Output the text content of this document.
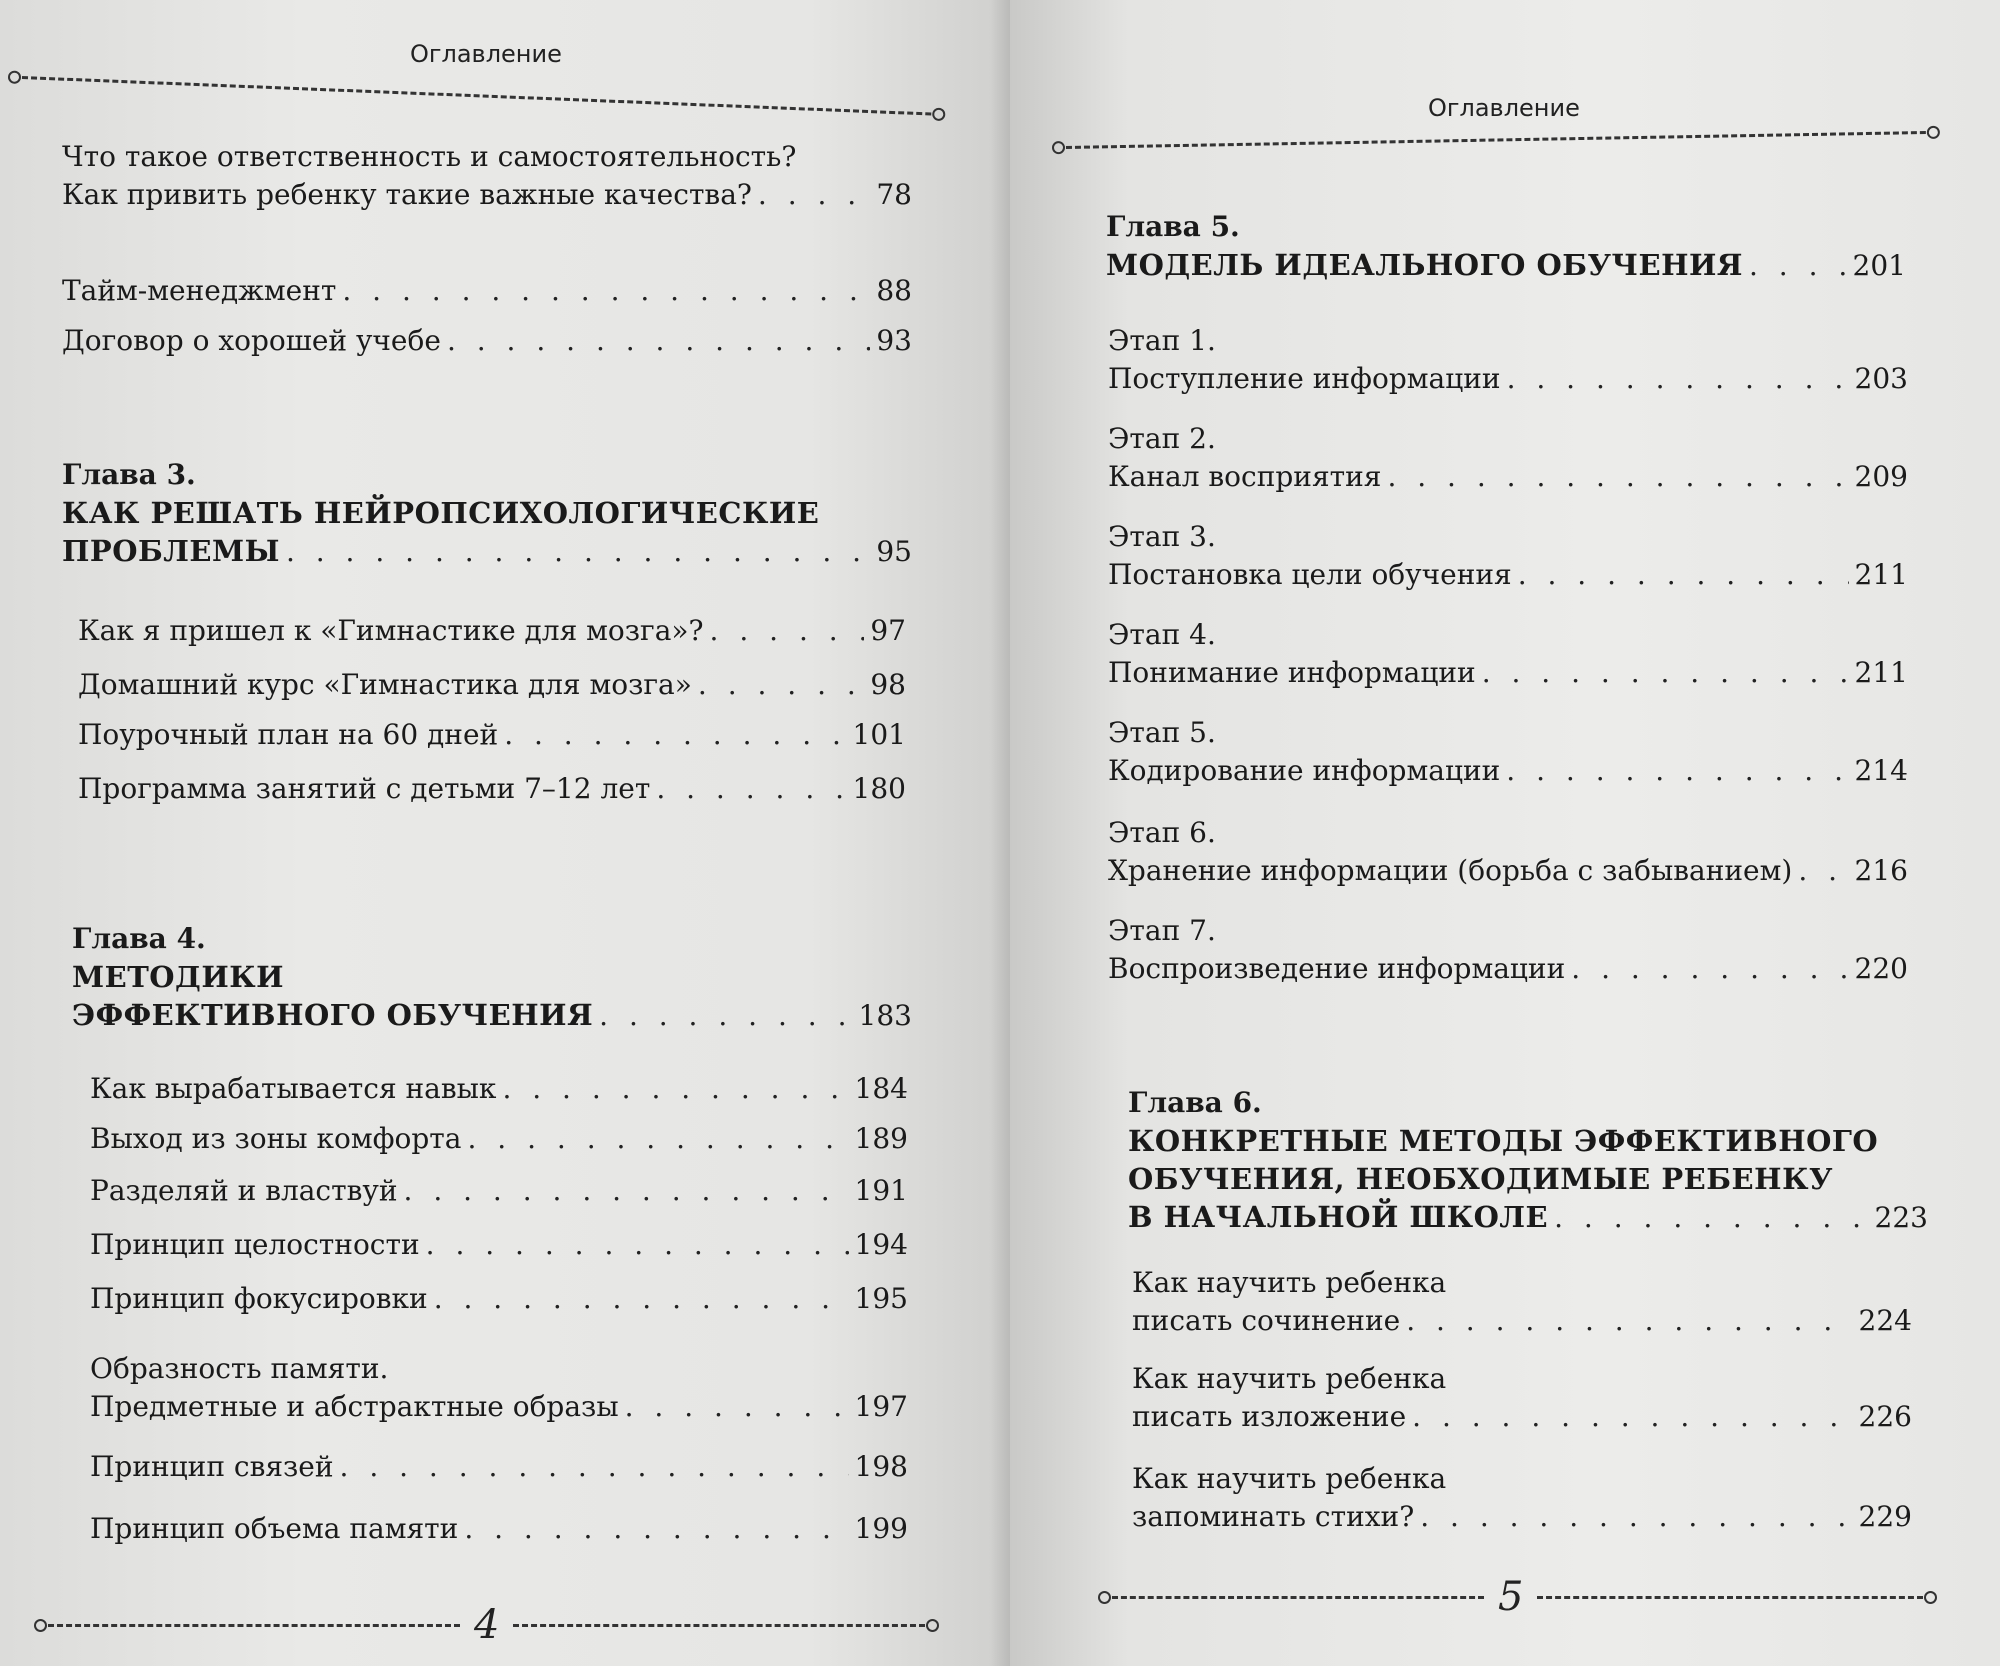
Оглавление
Глава 3.
КАК РЕШАТЬ НЕЙРОПСИХОЛОГИЧЕСКИЕ
ПРОБЛЕМЫ . . .	95
Глава 4.
МЕТОДИКИ
ЭФФЕКТИВНОГО ОБУЧЕНИЯ . . .	183
Что такое ответственность и самостоятельность?
Как привить ребенку такие важные качества? . . .	78
Тайм-менеджмент . . .	88
Договор о хорошей учебе . . .	93
Как я пришел к «Гимнастике для мозга»? . . .	97
Домашний курс «Гимнастика для мозга» . . .	98
Поурочный план на 60 дней . . .	101
Программа занятий с детьми 7–12 лет . . .	180
Как вырабатывается навык . . .	184
Выход из зоны комфорта . . .	189
Разделяй и властвуй . . .	191
Принцип целостности . . .	194
Принцип фокусировки . . .	195
Образность памяти.
Предметные и абстрактные образы . . .	197
Принцип связей . . .	198
Принцип объема памяти . . .	199
4
Оглавление
Глава 5.
МОДЕЛЬ ИДЕАЛЬНОГО ОБУЧЕНИЯ . . .	201
Глава 6.
КОНКРЕТНЫЕ МЕТОДЫ ЭФФЕКТИВНОГО
ОБУЧЕНИЯ, НЕОБХОДИМЫЕ РЕБЕНКУ
В НАЧАЛЬНОЙ ШКОЛЕ . . .	223
Этап 1.
Поступление информации . . .	203
Этап 2.
Канал восприятия . . .	209
Этап 3.
Постановка цели обучения . . .	211
Этап 4.
Понимание информации . . .	211
Этап 5.
Кодирование информации . . .	214
Этап 6.
Хранение информации (борьба с забыванием) . . . 216
Этап 7.
Воспроизведение информации . . .	220
Как научить ребенка
писать сочинение . . .	224
Как научить ребенка
писать изложение . . .	226
Как научить ребенка
запоминать стихи? . . .	229
5
